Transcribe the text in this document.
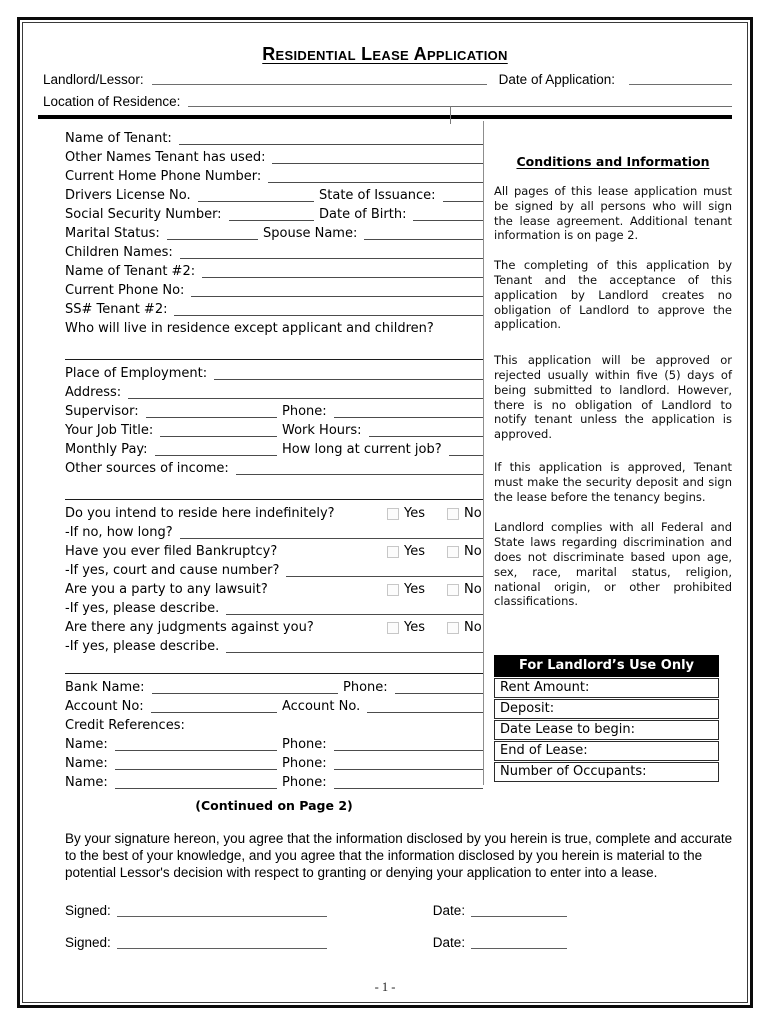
Residential Lease Application
Landlord/Lessor:	Date of Application:
Location of Residence:
Name of Tenant:
Other Names Tenant has used:
Current Home Phone Number:
Drivers License No.	State of Issuance:
Social Security Number:	Date of Birth:
Marital Status:	Spouse Name:
Children Names:
Name of Tenant #2:
Current Phone No:
SS# Tenant #2:
Who will live in residence except applicant and children?
Place of Employment:
Address:
Supervisor:	Phone:
Your Job Title:	Work Hours:
Monthly Pay:	How long at current job?
Other sources of income:
Do you intend to reside here indefinitely?	Yes	No
-If no, how long?
Have you ever filed Bankruptcy?	Yes	No
-If yes, court and cause number?
Are you a party to any lawsuit?	Yes	No
-If yes, please describe.
Are there any judgments against you?	Yes	No
-If yes, please describe.
Bank Name:	Phone:
Account No:	Account No.
Credit References:
Name:	Phone:
Name:	Phone:
Name:	Phone:
(Continued on Page 2)
Conditions and Information

All pages of this lease application must be signed by all persons who will sign the lease agreement. Additional tenant information is on page 2.

The completing of this application by Tenant and the acceptance of this application by Landlord creates no obligation of Landlord to approve the application.

This application will be approved or rejected usually within five (5) days of being submitted to landlord. However, there is no obligation of Landlord to notify tenant unless the application is approved.

If this application is approved, Tenant must make the security deposit and sign the lease before the tenancy begins.

Landlord complies with all Federal and State laws regarding discrimination and does not discriminate based upon age, sex, race, marital status, religion, national origin, or other prohibited classifications.

For Landlord’s Use Only
Rent Amount:
Deposit:
Date Lease to begin:
End of Lease:
Number of Occupants:
By your signature hereon, you agree that the information disclosed by you herein is true, complete and accurate to the best of your knowledge, and you agree that the information disclosed by you herein is material to the potential Lessor's decision with respect to granting or denying your application to enter into a lease.
Signed:	Date:
Signed:	Date:
- 1 -
